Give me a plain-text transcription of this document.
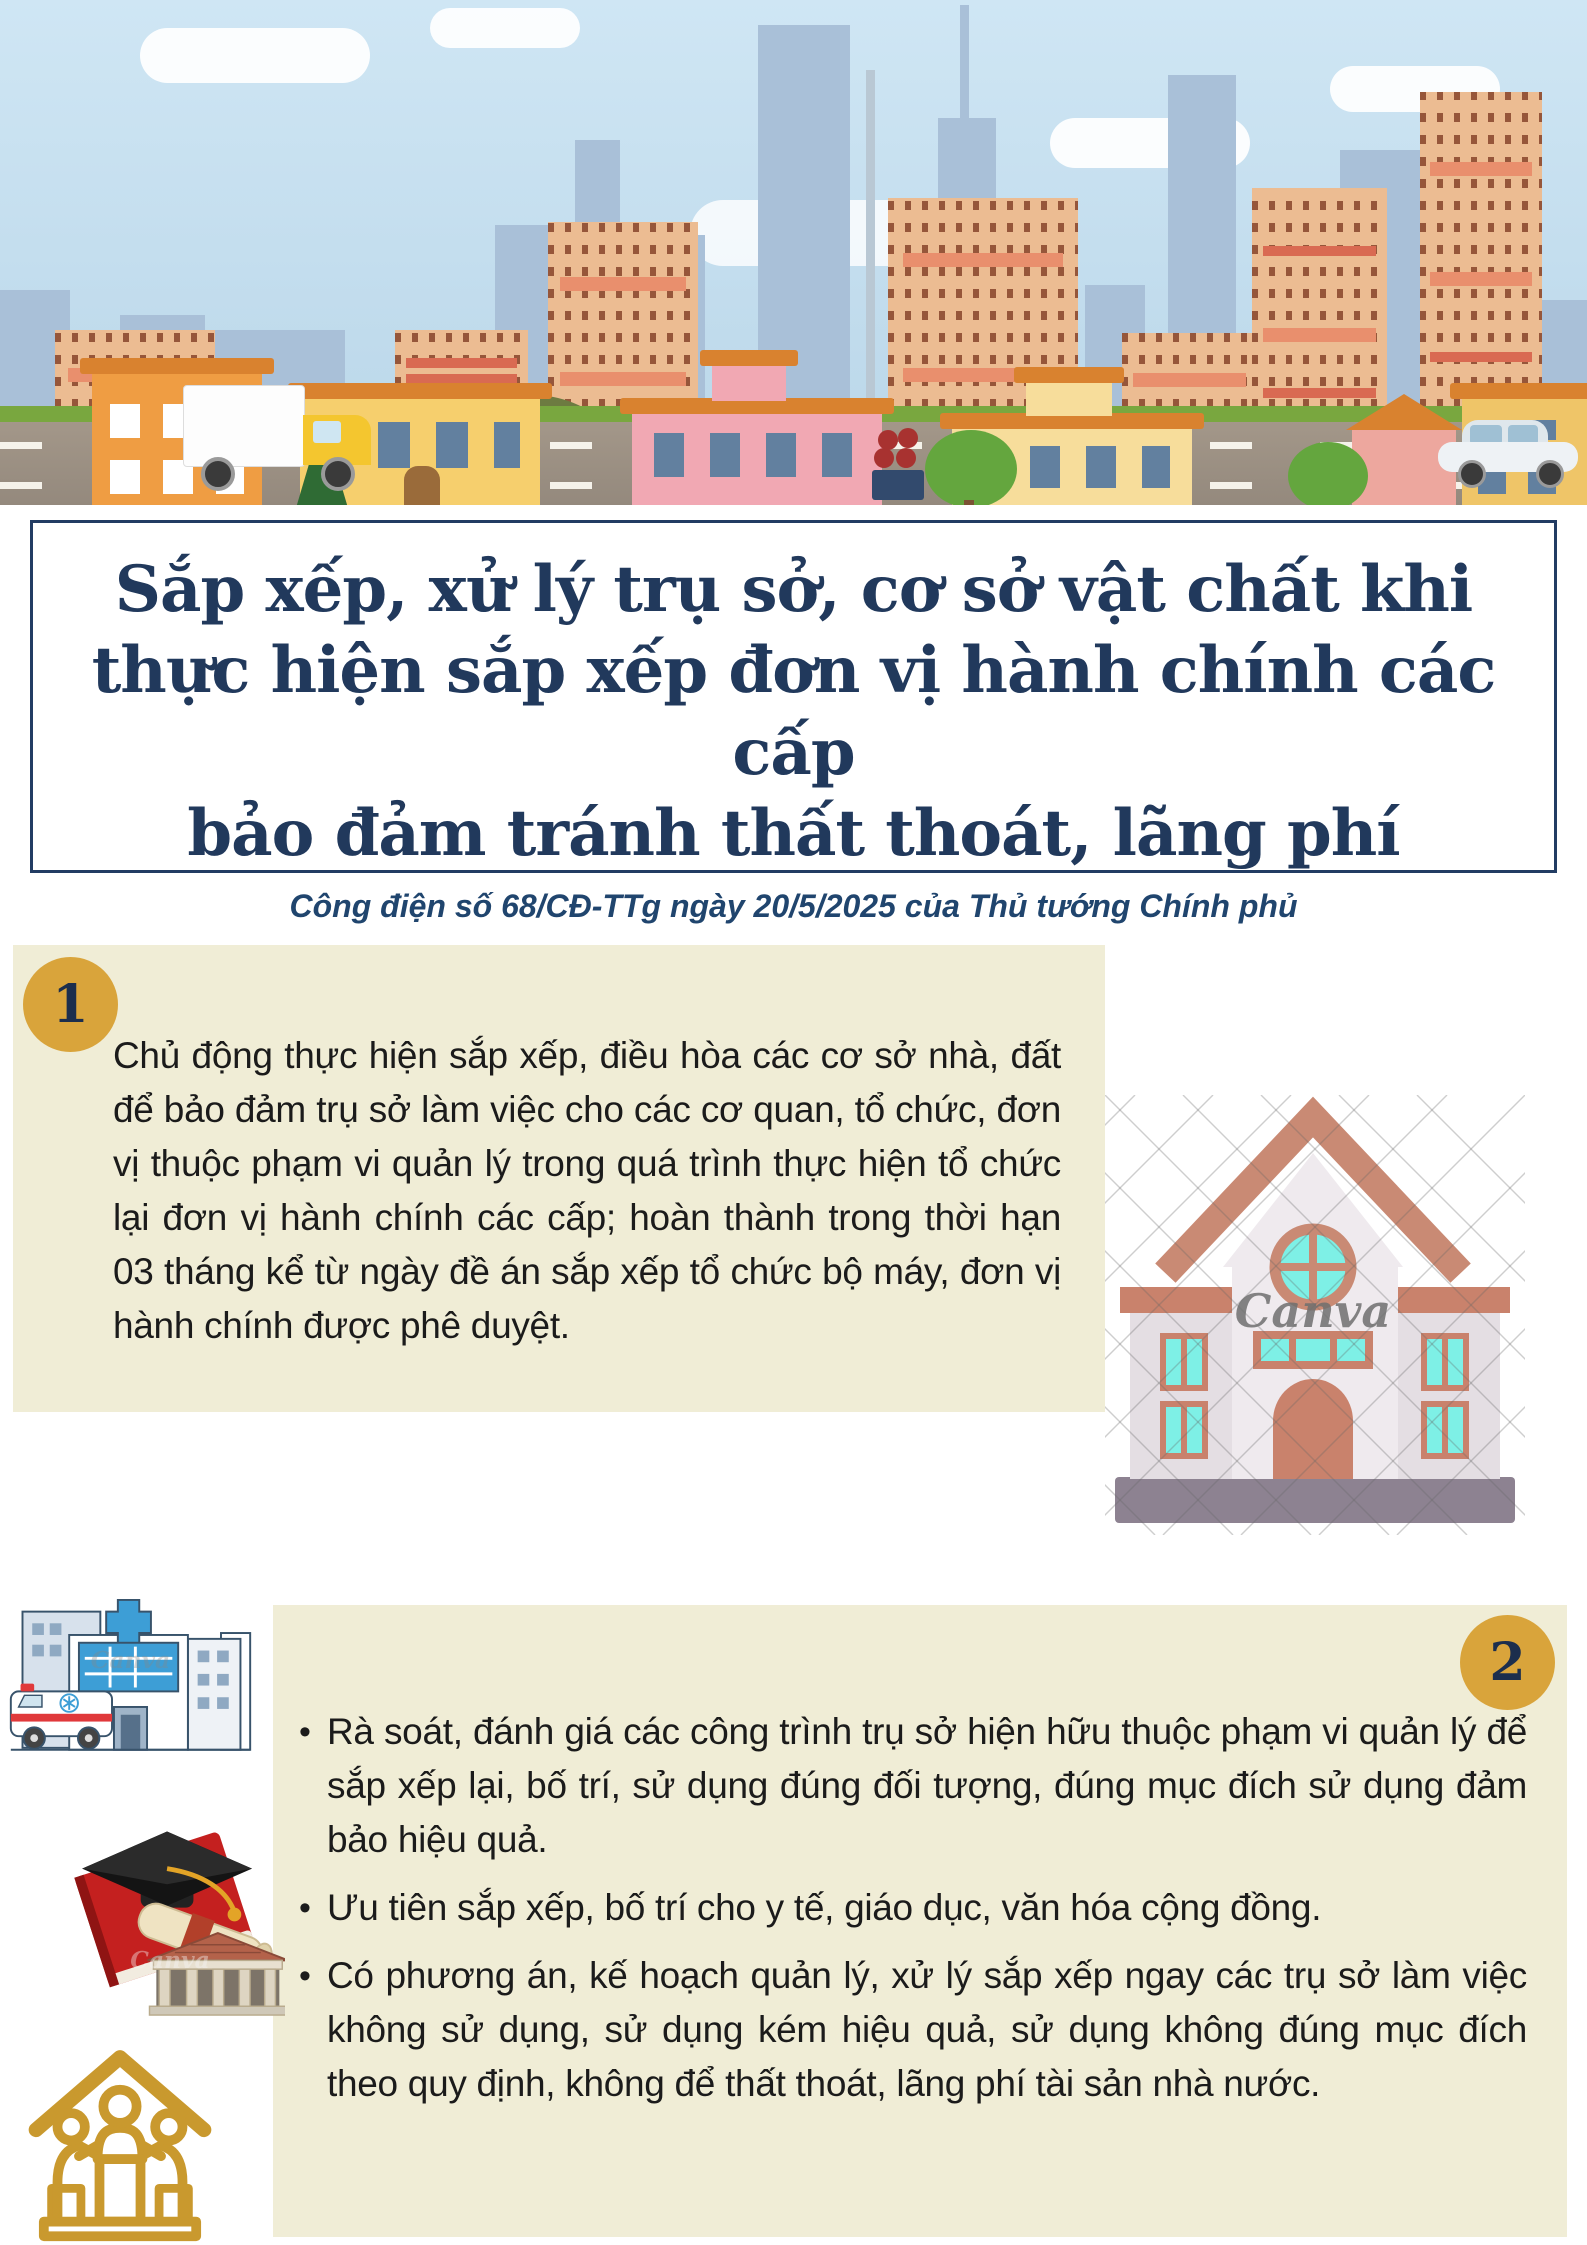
Sắp xếp, xử lý trụ sở, cơ sở vật chất khi
thực hiện sắp xếp đơn vị hành chính các cấp
bảo đảm tránh thất thoát, lãng phí
Công điện số 68/CĐ-TTg ngày 20/5/2025 của Thủ tướng Chính phủ
1

Chủ động thực hiện sắp xếp, điều hòa các cơ sở nhà, đất để bảo đảm trụ sở làm việc cho các cơ quan, tổ chức, đơn vị thuộc phạm vi quản lý trong quá trình thực hiện tổ chức lại đơn vị hành chính các cấp; hoàn thành trong thời hạn 03 tháng kể từ ngày đề án sắp xếp tổ chức bộ máy, đơn vị hành chính được phê duyệt.	Canva
2
• Rà soát, đánh giá các công trình trụ sở hiện hữu thuộc phạm vi quản lý để sắp xếp lại, bố trí, sử dụng đúng đối tượng, đúng mục đích sử dụng đảm bảo hiệu quả.
• Ưu tiên sắp xếp, bố trí cho y tế, giáo dục, văn hóa cộng đồng.
• Có phương án, kế hoạch quản lý, xử lý sắp xếp ngay các trụ sở làm việc không sử dụng, sử dụng kém hiệu quả, sử dụng không đúng mục đích theo quy định, không để thất thoát, lãng phí tài sản nhà nước.
Canva
Canva
